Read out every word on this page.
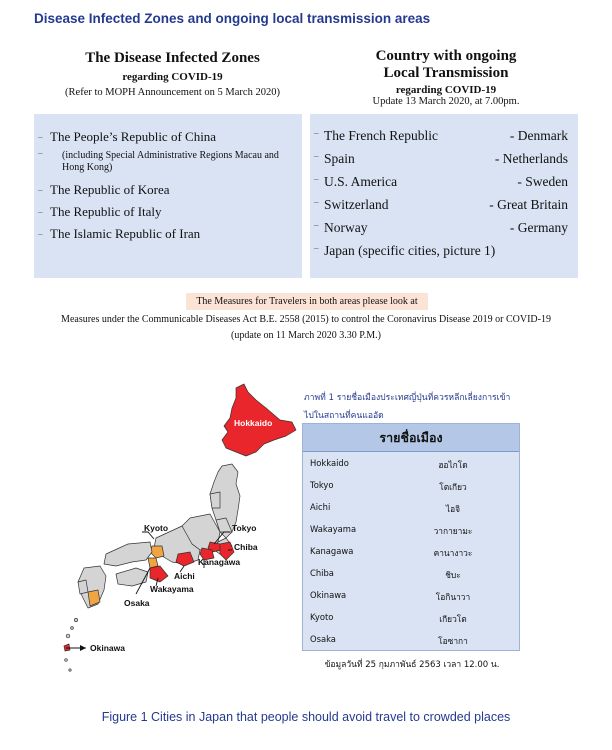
Disease Infected Zones and ongoing local transmission areas
The Disease Infected Zones
regarding COVID-19
(Refer to MOPH Announcement on 5 March 2020)
– The People’s Republic of China
– (including Special Administrative Regions Macau and Hong Kong)
– The Republic of Korea
– The Republic of Italy
– The Islamic Republic of Iran
Country with ongoing
Local Transmission
regarding COVID-19
Update 13 March 2020, at 7.00pm.
– The French Republic	- Denmark
– Spain	- Netherlands
– U.S. America	- Sweden
– Switzerland	- Great Britain
– Norway	- Germany
– Japan (specific cities, picture 1)
The Measures for Travelers in both areas please look at
Measures under the Communicable Diseases Act B.E. 2558 (2015) to control the Coronavirus Disease 2019 or COVID-19
(update on 11 March 2020 3.30 P.M.)
Hokkaido
Kyoto	Tokyo
Chiba
Kanagawa
Aichi
Wakayama
Osaka
Okinawa
ภาพที่ 1 รายชื่อเมืองประเทศญี่ปุ่นที่ควรหลีกเลี่ยงการเข้า
ไปในสถานที่คนแออัด
รายชื่อเมือง
Hokkaido	ฮอไกโด
Tokyo	โตเกียว
Aichi	ไอจิ
Wakayama	วากายามะ
Kanagawa	คานางาวะ
Chiba	ชิบะ
Okinawa	โอกินาวา
Kyoto	เกียวโต
Osaka	โอซากา
ข้อมูลวันที่ 25 กุมภาพันธ์ 2563 เวลา 12.00 น.
Figure 1 Cities in Japan that people should avoid travel to crowded places
